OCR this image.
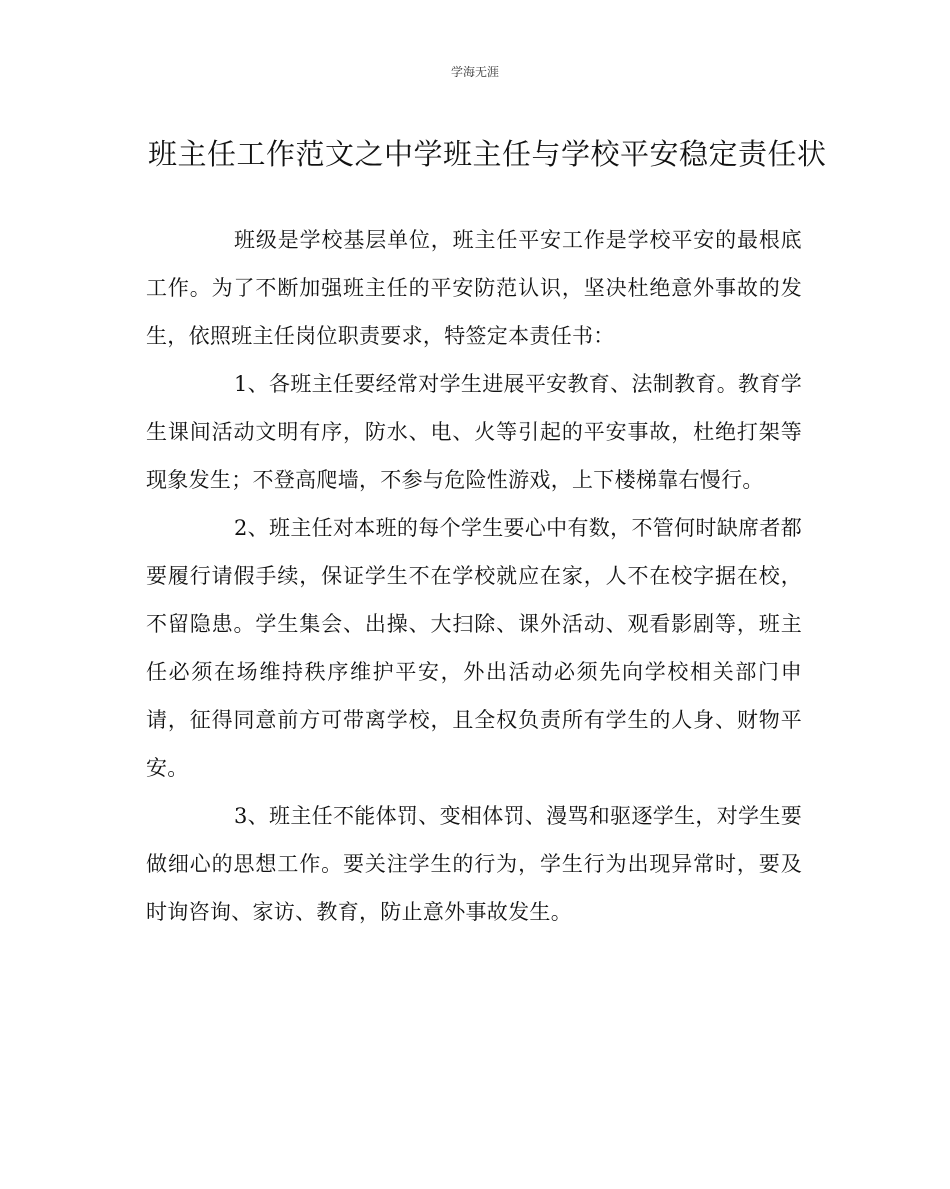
学海无涯
班主任工作范文之中学班主任与学校平安稳定责任状

班级是学校基层单位，班主任平安工作是学校平安的最根底工作。为了不断加强班主任的平安防范认识，坚决杜绝意外事故的发生，依照班主任岗位职责要求，特签定本责任书：

1、各班主任要经常对学生进展平安教育、法制教育。教育学生课间活动文明有序，防水、电、火等引起的平安事故，杜绝打架等现象发生；不登高爬墙，不参与危险性游戏，上下楼梯靠右慢行。

2、班主任对本班的每个学生要心中有数，不管何时缺席者都要履行请假手续，保证学生不在学校就应在家，人不在校字据在校，不留隐患。学生集会、出操、大扫除、课外活动、观看影剧等，班主任必须在场维持秩序维护平安，外出活动必须先向学校相关部门申请，征得同意前方可带离学校，且全权负责所有学生的人身、财物平安。

3、班主任不能体罚、变相体罚、漫骂和驱逐学生，对学生要做细心的思想工作。要关注学生的行为，学生行为出现异常时，要及时询咨询、家访、教育，防止意外事故发生。
